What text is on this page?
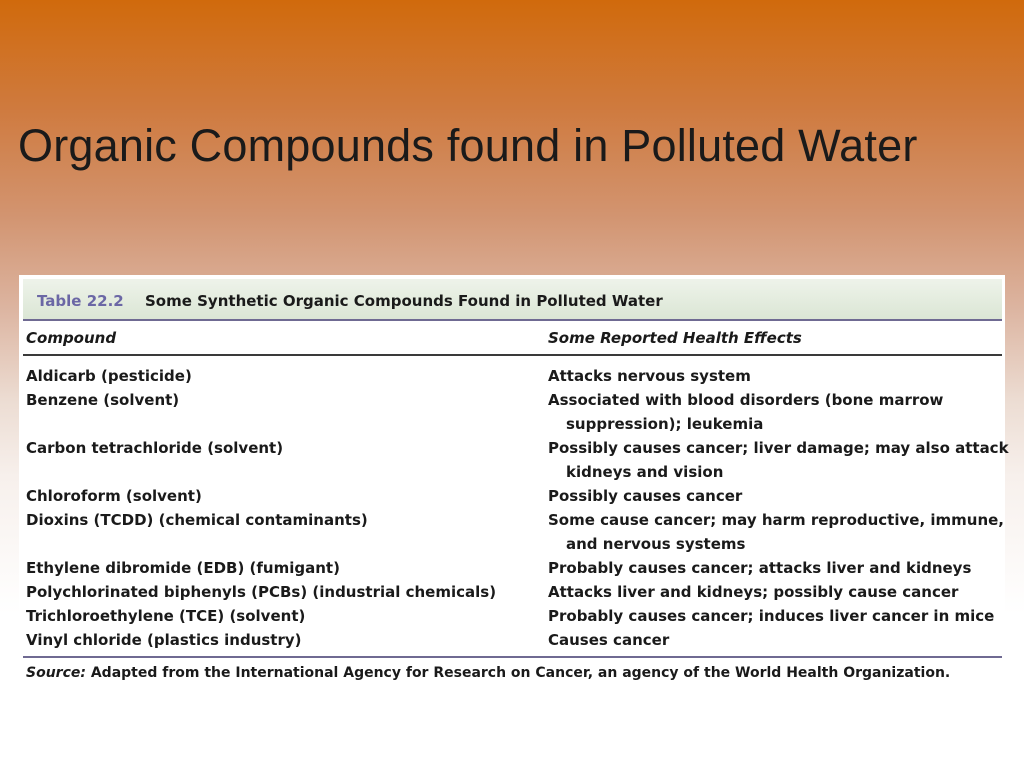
Organic Compounds found in Polluted Water
Table 22.2 Some Synthetic Organic Compounds Found in Polluted Water
Compound	Some Reported Health Effects
Aldicarb (pesticide)	Attacks nervous system
Benzene (solvent)	Associated with blood disorders (bone marrow
suppression); leukemia
Carbon tetrachloride (solvent)	Possibly causes cancer; liver damage; may also attack
kidneys and vision
Chloroform (solvent)	Possibly causes cancer
Dioxins (TCDD) (chemical contaminants)	Some cause cancer; may harm reproductive, immune,
and nervous systems
Ethylene dibromide (EDB) (fumigant)	Probably causes cancer; attacks liver and kidneys
Polychlorinated biphenyls (PCBs) (industrial chemicals)	Attacks liver and kidneys; possibly cause cancer
Trichloroethylene (TCE) (solvent)	Probably causes cancer; induces liver cancer in mice
Vinyl chloride (plastics industry)	Causes cancer
Source: Adapted from the International Agency for Research on Cancer, an agency of the World Health Organization.
